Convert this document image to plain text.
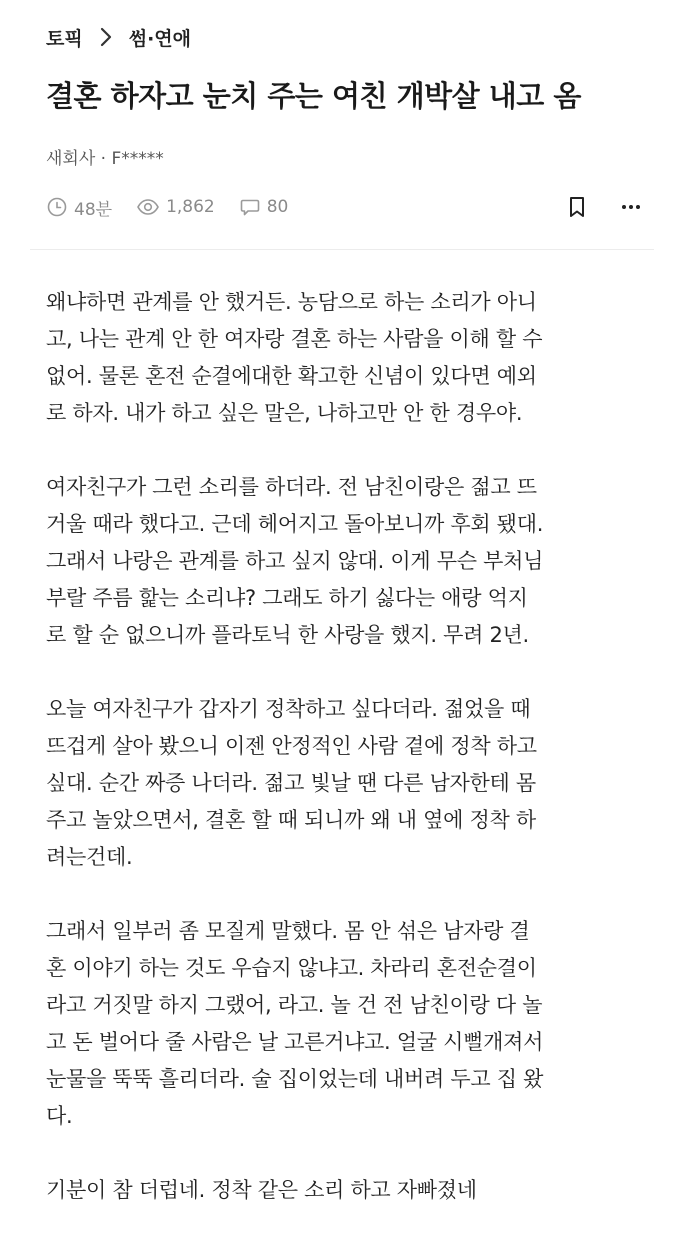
토픽 썸·연애
결혼 하자고 눈치 주는 여친 개박살 내고 옴
새회사 · F*****
48분	1,862	80

왜냐하면 관계를 안 했거든. 농담으로 하는 소리가 아니
고, 나는 관계 안 한 여자랑 결혼 하는 사람을 이해 할 수
없어. 물론 혼전 순결에대한 확고한 신념이 있다면 예외
로 하자. 내가 하고 싶은 말은, 나하고만 안 한 경우야.

여자친구가 그런 소리를 하더라. 전 남친이랑은 젊고 뜨
거울 때라 했다고. 근데 헤어지고 돌아보니까 후회 됐대.
그래서 나랑은 관계를 하고 싶지 않대. 이게 무슨 부처님
부랄 주름 핥는 소리냐? 그래도 하기 싫다는 애랑 억지
로 할 순 없으니까 플라토닉 한 사랑을 했지. 무려 2년.

오늘 여자친구가 갑자기 정착하고 싶다더라. 젊었을 때
뜨겁게 살아 봤으니 이젠 안정적인 사람 곁에 정착 하고
싶대. 순간 짜증 나더라. 젊고 빛날 땐 다른 남자한테 몸
주고 놀았으면서, 결혼 할 때 되니까 왜 내 옆에 정착 하
려는건데.

그래서 일부러 좀 모질게 말했다. 몸 안 섞은 남자랑 결
혼 이야기 하는 것도 우습지 않냐고. 차라리 혼전순결이
라고 거짓말 하지 그랬어, 라고. 놀 건 전 남친이랑 다 놀
고 돈 벌어다 줄 사람은 날 고른거냐고. 얼굴 시뻘개져서
눈물을 뚝뚝 흘리더라. 술 집이었는데 내버려 두고 집 왔
다.

기분이 참 더럽네. 정착 같은 소리 하고 자빠졌네
